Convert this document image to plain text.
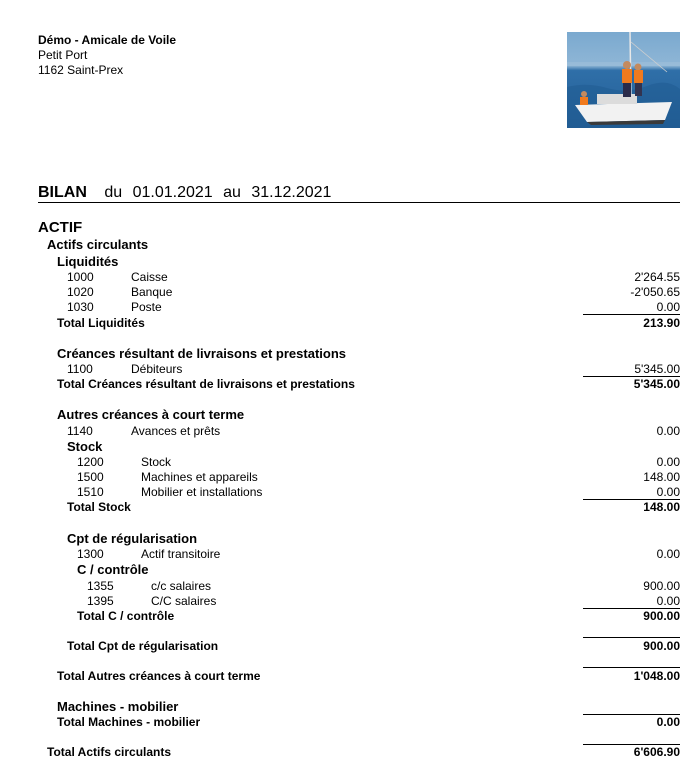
Démo - Amicale de Voile
Petit Port
1162 Saint-Prex
BILAN du 01.01.2021 au 31.12.2021
ACTIF
Actifs circulants
Liquidités
1000	Caisse	2'264.55
1020	Banque	-2'050.65
1030	Poste	0.00
Total Liquidités	213.90
Créances résultant de livraisons et prestations
1100	Débiteurs	5'345.00
Total Créances résultant de livraisons et prestations	5'345.00
Autres créances à court terme
1140	Avances et prêts	0.00
Stock
1200	Stock	0.00
1500	Machines et appareils	148.00
1510	Mobilier et installations	0.00
Total Stock	148.00
Cpt de régularisation
1300	Actif transitoire	0.00
C / contrôle
1355	c/c salaires	900.00
1395	C/C salaires	0.00
Total C / contrôle	900.00
Total Cpt de régularisation	900.00
Total Autres créances à court terme	1'048.00
Machines - mobilier
Total Machines - mobilier	0.00
Total Actifs circulants	6'606.90
